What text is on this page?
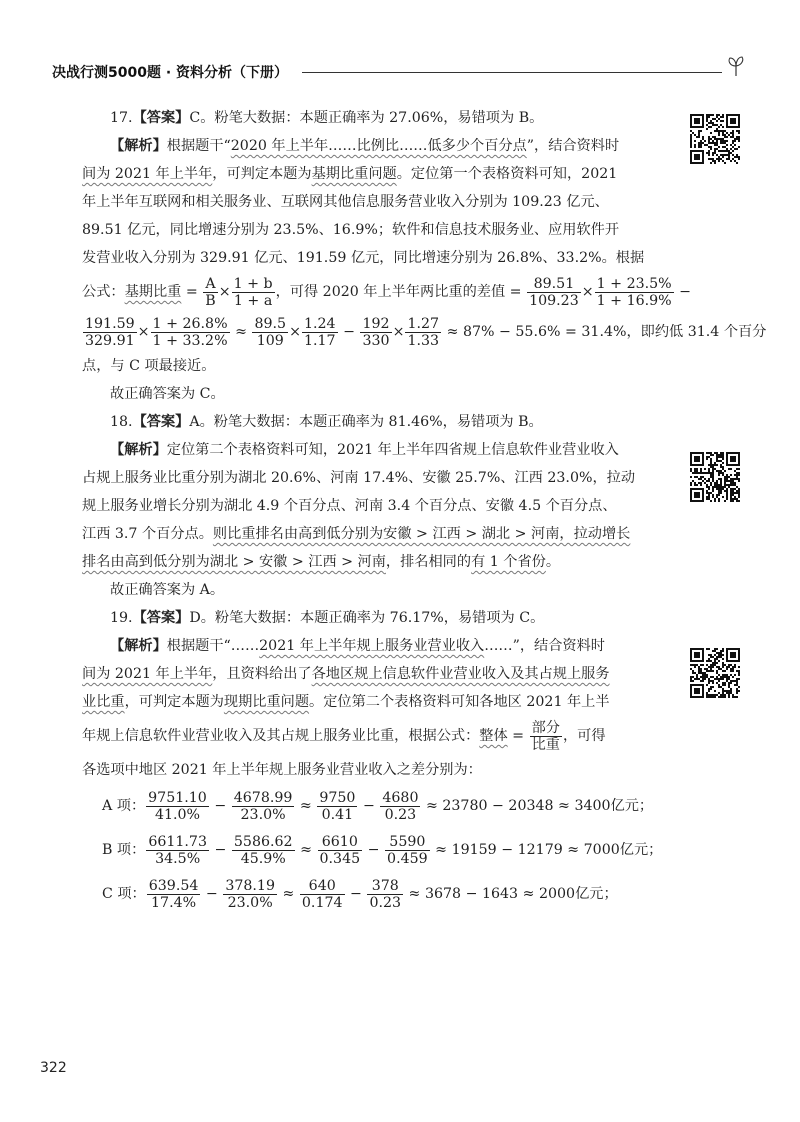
决战行测5000题 · 资料分析（下册）

17.【答案】C。粉笔大数据：本题正确率为 27.06%，易错项为 B。

【解析】根据题干“2020 年上半年……比例比……低多少个百分点”，结合资料时

间为 2021 年上半年，可判定本题为基期比重问题。定位第一个表格资料可知，2021

年上半年互联网和相关服务业、互联网其他信息服务营业收入分别为 109.23 亿元、

89.51 亿元，同比增速分别为 23.5%、16.9%；软件和信息技术服务业、应用软件开

发营业收入分别为 329.91 亿元、191.59 亿元，同比增速分别为 26.8%、33.2%。根据

公式：基期比重 = $\frac{A}{B} \times \frac{1 + b}{1 + a}$ ，可得 2020 年上半年两比重的差值 = $\frac{89.51}{109.23} \times \frac{1 + 23.5\%}{1 + 16.9\%}$ −

$\frac{191.59}{329.91} \times \frac{1 + 26.8\%}{1 + 33.2\%} \approx \frac{89.5}{109} \times \frac{1.24}{1.17} - \frac{192}{330} \times \frac{1.27}{1.33} \approx 87\% - 55.6\% = 31.4\%$，即约低 31.4 个百分

点，与 C 项最接近。

故正确答案为 C。

18.【答案】A。粉笔大数据：本题正确率为 81.46%，易错项为 B。

【解析】定位第二个表格资料可知，2021 年上半年四省规上信息软件业营业收入

占规上服务业比重分别为湖北 20.6%、河南 17.4%、安徽 25.7%、江西 23.0%，拉动

规上服务业增长分别为湖北 4.9 个百分点、河南 3.4 个百分点、安徽 4.5 个百分点、

江西 3.7 个百分点。则比重排名由高到低分别为安徽 > 江西 > 湖北 > 河南，拉动增长

排名由高到低分别为湖北 > 安徽 > 江西 > 河南，排名相同的有 1 个省份。

故正确答案为 A。

19.【答案】D。粉笔大数据：本题正确率为 76.17%，易错项为 C。

【解析】根据题干“……2021 年上半年规上服务业营业收入……”，结合资料时

间为 2021 年上半年，且资料给出了各地区规上信息软件业营业收入及其占规上服务

业比重，可判定本题为现期比重问题。定位第二个表格资料可知各地区 2021 年上半

年规上信息软件业营业收入及其占规上服务业比重，根据公式：整体 = $\frac{\text{部分}}{\text{比重}}$ ，可得

各选项中地区 2021 年上半年规上服务业营业收入之差分别为：

A 项： $\frac{9751.10}{41.0\%} - \frac{4678.99}{23.0\%} \approx \frac{9750}{0.41} - \frac{4680}{0.23} \approx 23780 - 20348 \approx 3400$亿元；

B 项： $\frac{6611.73}{34.5\%} - \frac{5586.62}{45.9\%} \approx \frac{6610}{0.345} - \frac{5590}{0.459} \approx 19159 - 12179 \approx 7000$亿元；

C 项： $\frac{639.54}{17.4\%} - \frac{378.19}{23.0\%} \approx \frac{640}{0.174} - \frac{378}{0.23} \approx 3678 - 1643 \approx 2000$亿元；

322
